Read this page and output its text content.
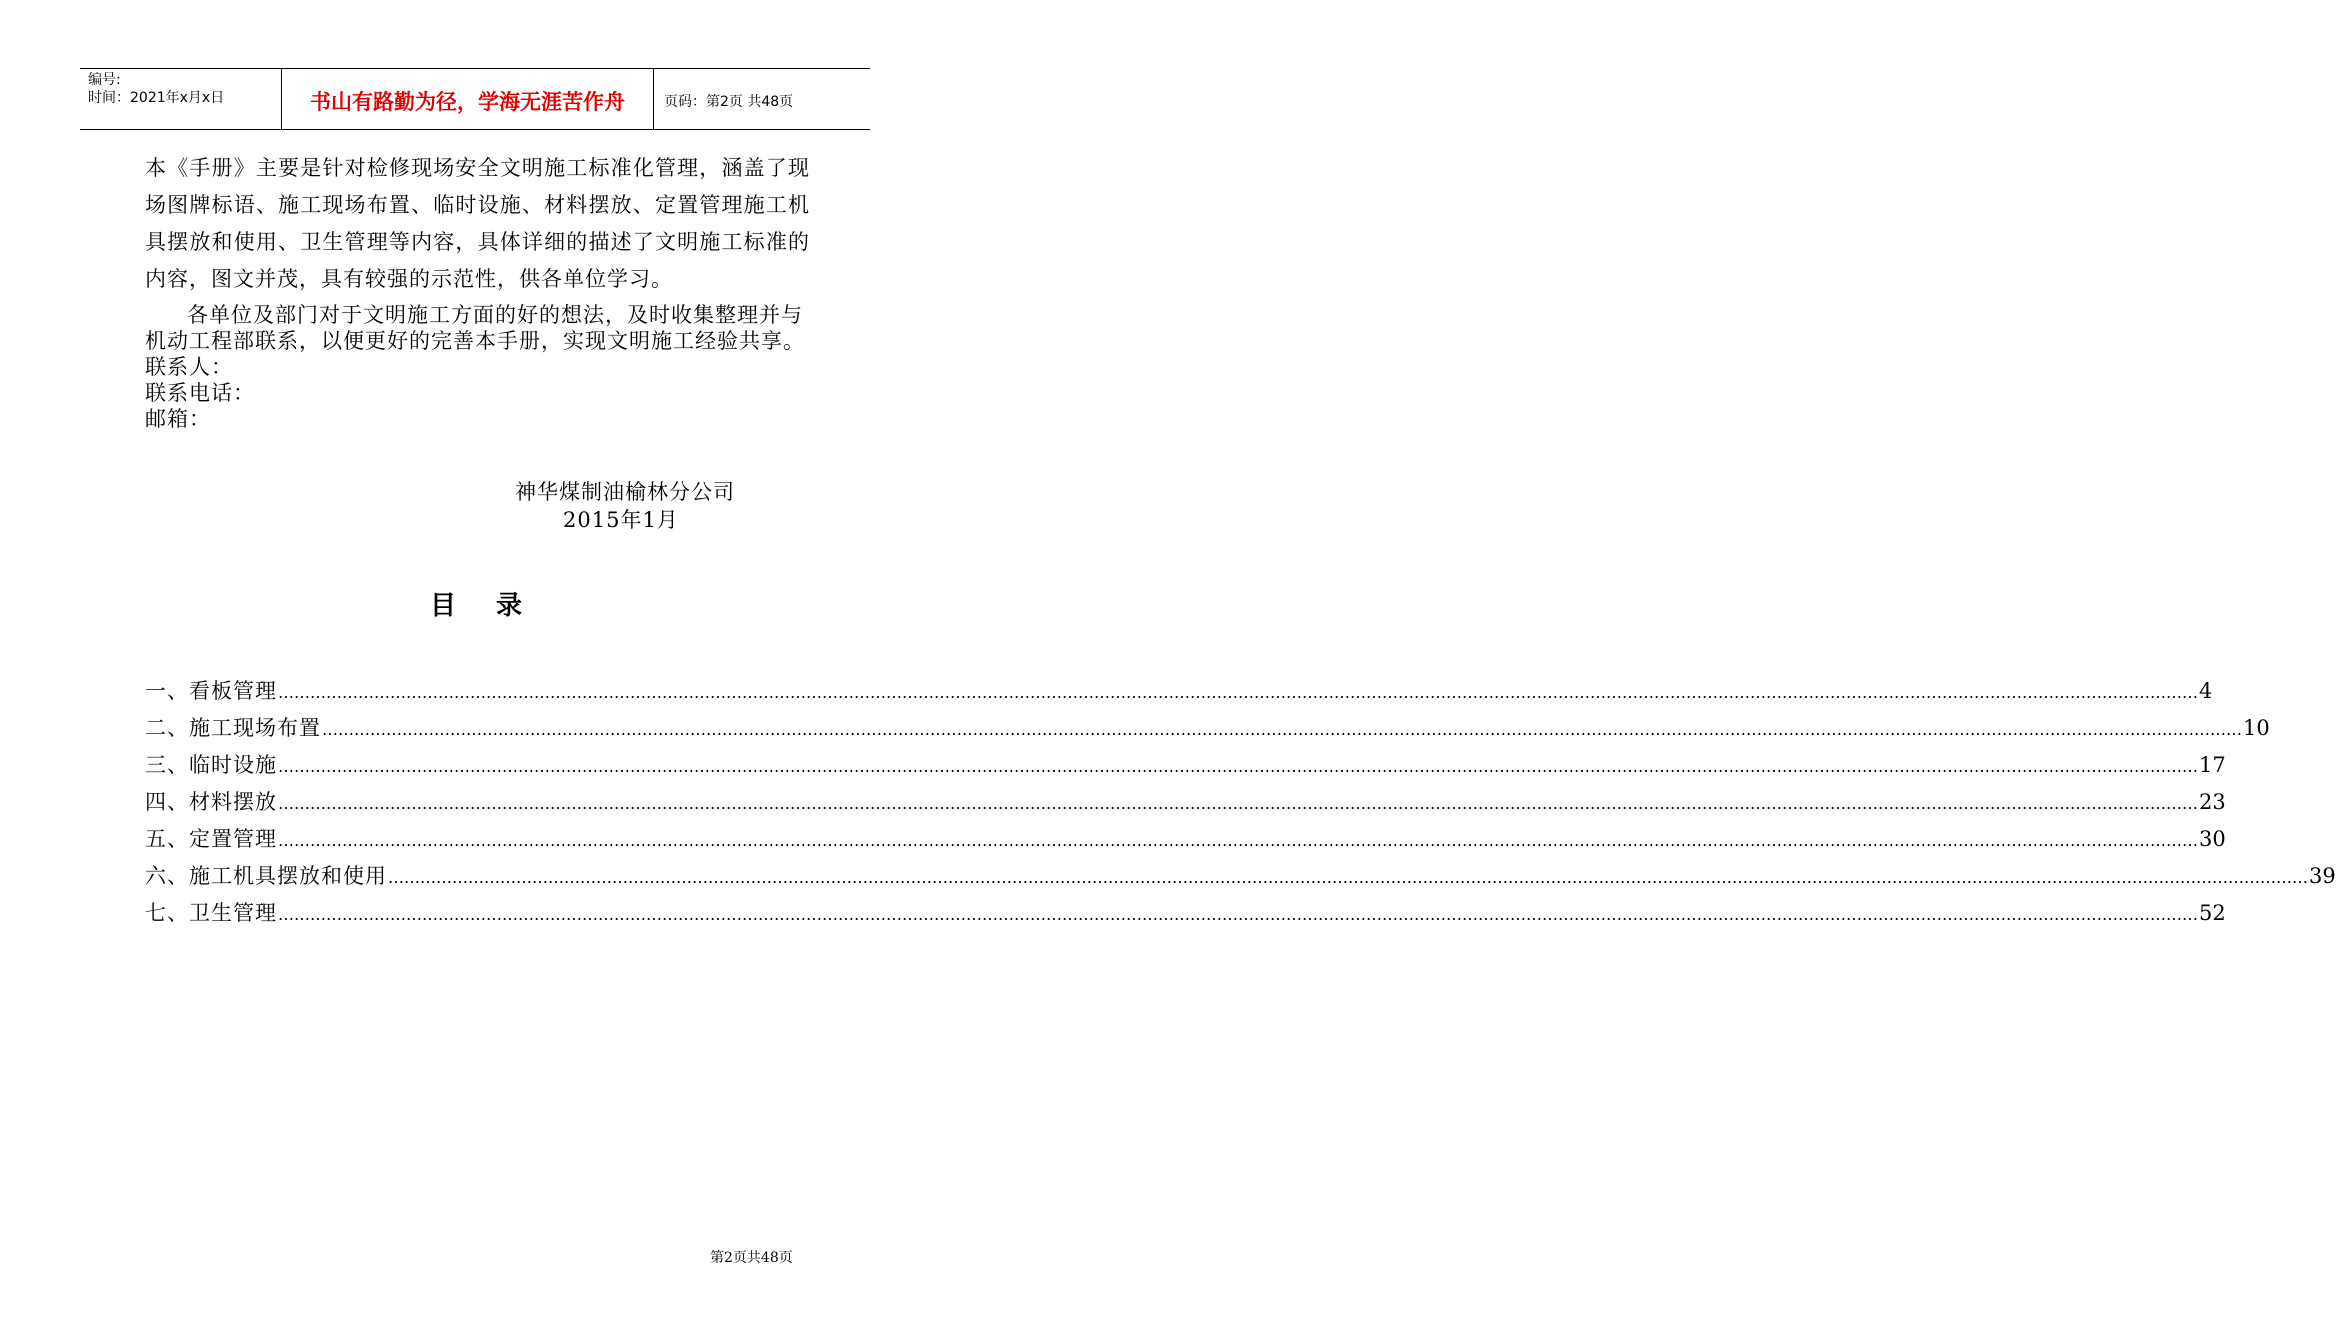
编号:
时间：2021年x月x日	书山有路勤为径，学海无涯苦作舟	页码：第2页 共48页

本《手册》主要是针对检修现场安全文明施工标准化管理，涵盖了现场图牌标语、施工现场布置、临时设施、材料摆放、定置管理施工机具摆放和使用、卫生管理等内容，具体详细的描述了文明施工标准的内容，图文并茂，具有较强的示范性，供各单位学习。

各单位及部门对于文明施工方面的好的想法，及时收集整理并与机动工程部联系，以便更好的完善本手册，实现文明施工经验共享。

联系人：
联系电话：
邮箱：
神华煤制油榆林分公司
2015年1月
目录
一、看板管理 ……………………………………………………………………………………………………………………………………………………………………………………………………………………………………………………………………………………………………………………………… 4
二、施工现场布置 ……………………………………………………………………………………………………………………………………………………………………………………………………………………………………………………………………………………………………………………………… 10
三、临时设施 ……………………………………………………………………………………………………………………………………………………………………………………………………………………………………………………………………………………………………………………………… 17
四、材料摆放 ……………………………………………………………………………………………………………………………………………………………………………………………………………………………………………………………………………………………………………………………… 23
五、定置管理 ……………………………………………………………………………………………………………………………………………………………………………………………………………………………………………………………………………………………………………………………… 30
六、施工机具摆放和使用 ……………………………………………………………………………………………………………………………………………………………………………………………………………………………………………………………………………………………………………………………… 39
七、卫生管理 ……………………………………………………………………………………………………………………………………………………………………………………………………………………………………………………………………………………………………………………………… 52
第2页共48页
